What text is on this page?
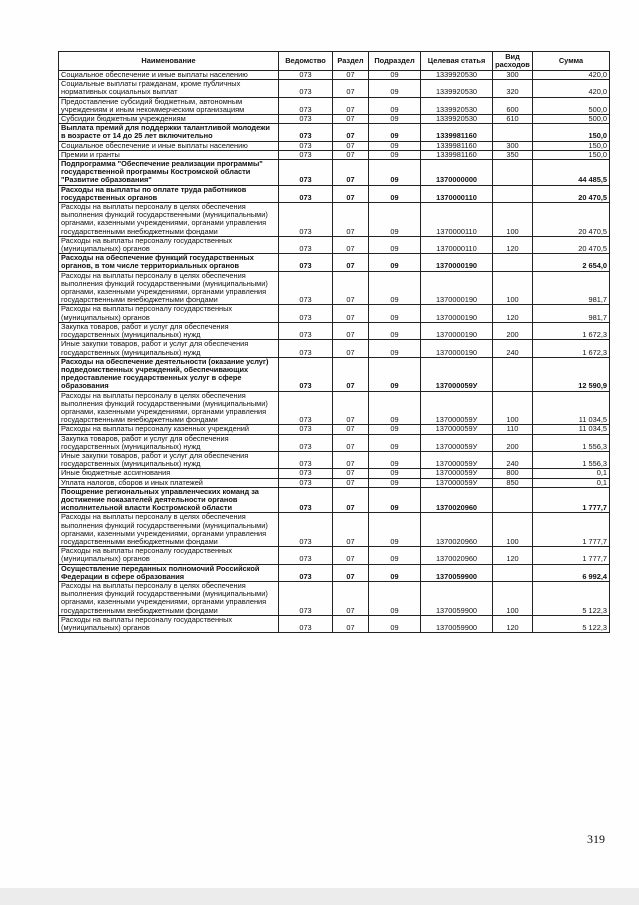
Наименование	Ведомство	Раздел	Подраздел	Целевая статья	Вид расходов	Сумма
Социальное обеспечение и иные выплаты населению	073	07	09	1339920530	300	420,0
Социальные выплаты гражданам, кроме публичных нормативных социальных выплат	073	07	09	1339920530	320	420,0
Предоставление субсидий бюджетным, автономным учреждениям и иным некоммерческим организациям	073	07	09	1339920530	600	500,0
Субсидии бюджетным учреждениям	073	07	09	1339920530	610	500,0
Выплата премий для поддержки талантливой молодежи в возрасте от 14 до 25 лет включительно	073	07	09	1339981160		150,0
Социальное обеспечение и иные выплаты населению	073	07	09	1339981160	300	150,0
Премии и гранты	073	07	09	1339981160	350	150,0
Подпрограмма "Обеспечение реализации программы" государственной программы Костромской области "Развитие образования"	073	07	09	1370000000		44 485,5
Расходы на выплаты по оплате труда работников государственных органов	073	07	09	1370000110		20 470,5
Расходы на выплаты персоналу в целях обеспечения выполнения функций государственными (муниципальными) органами, казенными учреждениями, органами управления государственными внебюджетными фондами	073	07	09	1370000110	100	20 470,5
Расходы на выплаты персоналу государственных (муниципальных) органов	073	07	09	1370000110	120	20 470,5
Расходы на обеспечение функций государственных органов, в том числе территориальных органов	073	07	09	1370000190		2 654,0
Расходы на выплаты персоналу в целях обеспечения выполнения функций государственными (муниципальными) органами, казенными учреждениями, органами управления государственными внебюджетными фондами	073	07	09	1370000190	100	981,7
Расходы на выплаты персоналу государственных (муниципальных) органов	073	07	09	1370000190	120	981,7
Закупка товаров, работ и услуг для обеспечения государственных (муниципальных) нужд	073	07	09	1370000190	200	1 672,3
Иные закупки товаров, работ и услуг для обеспечения государственных (муниципальных) нужд	073	07	09	1370000190	240	1 672,3
Расходы на обеспечение деятельности (оказание услуг) подведомственных учреждений, обеспечивающих предоставление государственных услуг в сфере образования	073	07	09	137000059У		12 590,9
Расходы на выплаты персоналу в целях обеспечения выполнения функций государственными (муниципальными) органами, казенными учреждениями, органами управления государственными внебюджетными фондами	073	07	09	137000059У	100	11 034,5
Расходы на выплаты персоналу казенных учреждений	073	07	09	137000059У	110	11 034,5
Закупка товаров, работ и услуг для обеспечения государственных (муниципальных) нужд	073	07	09	137000059У	200	1 556,3
Иные закупки товаров, работ и услуг для обеспечения государственных (муниципальных) нужд	073	07	09	137000059У	240	1 556,3
Иные бюджетные ассигнования	073	07	09	137000059У	800	0,1
Уплата налогов, сборов и иных платежей	073	07	09	137000059У	850	0,1
Поощрение региональных управленческих команд за достижение показателей деятельности органов исполнительной власти Костромской области	073	07	09	1370020960		1 777,7
Расходы на выплаты персоналу в целях обеспечения выполнения функций государственными (муниципальными) органами, казенными учреждениями, органами управления государственными внебюджетными фондами	073	07	09	1370020960	100	1 777,7
Расходы на выплаты персоналу государственных (муниципальных) органов	073	07	09	1370020960	120	1 777,7
Осуществление переданных полномочий Российской Федерации в сфере образования	073	07	09	1370059900		6 992,4
Расходы на выплаты персоналу в целях обеспечения выполнения функций государственными (муниципальными) органами, казенными учреждениями, органами управления государственными внебюджетными фондами	073	07	09	1370059900	100	5 122,3
Расходы на выплаты персоналу государственных (муниципальных) органов	073	07	09	1370059900	120	5 122,3
319
